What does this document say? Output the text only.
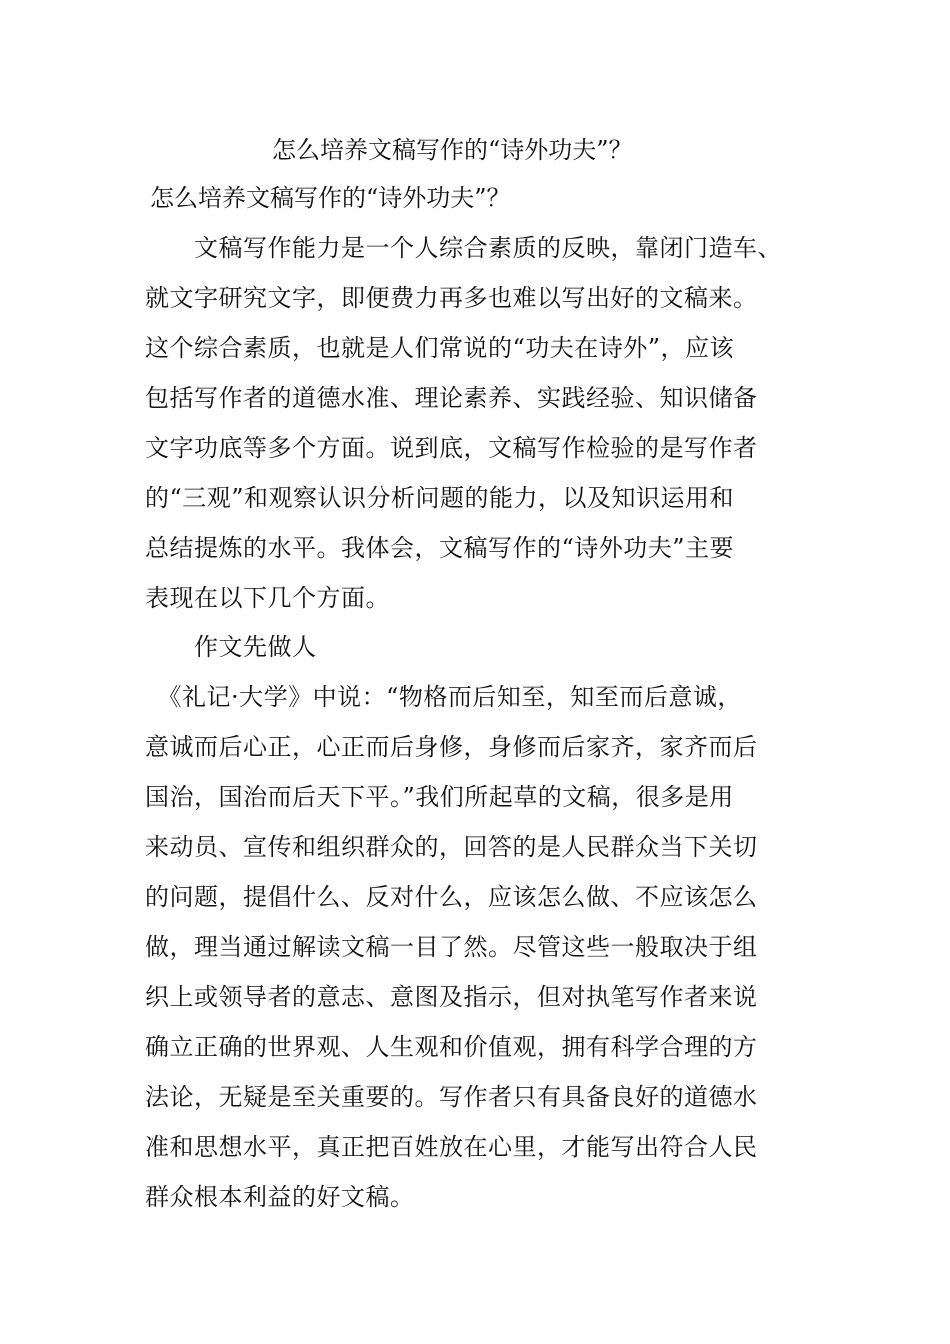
怎么培养文稿写作的“诗外功夫”？
怎么培养文稿写作的“诗外功夫”？
　　文稿写作能力是一个人综合素质的反映，靠闭门造车、
就文字研究文字，即便费力再多也难以写出好的文稿来。
这个综合素质，也就是人们常说的“功夫在诗外”，应该
包括写作者的道德水准、理论素养、实践经验、知识储备
文字功底等多个方面。说到底，文稿写作检验的是写作者
的“三观”和观察认识分析问题的能力，以及知识运用和
总结提炼的水平。我体会，文稿写作的“诗外功夫”主要
表现在以下几个方面。
　　作文先做人
　《礼记·大学》中说：“物格而后知至，知至而后意诚，
意诚而后心正，心正而后身修，身修而后家齐，家齐而后
国治，国治而后天下平。”我们所起草的文稿，很多是用
来动员、宣传和组织群众的，回答的是人民群众当下关切
的问题，提倡什么、反对什么，应该怎么做、不应该怎么
做，理当通过解读文稿一目了然。尽管这些一般取决于组
织上或领导者的意志、意图及指示，但对执笔写作者来说
确立正确的世界观、人生观和价值观，拥有科学合理的方
法论，无疑是至关重要的。写作者只有具备良好的道德水
准和思想水平，真正把百姓放在心里，才能写出符合人民
群众根本利益的好文稿。
